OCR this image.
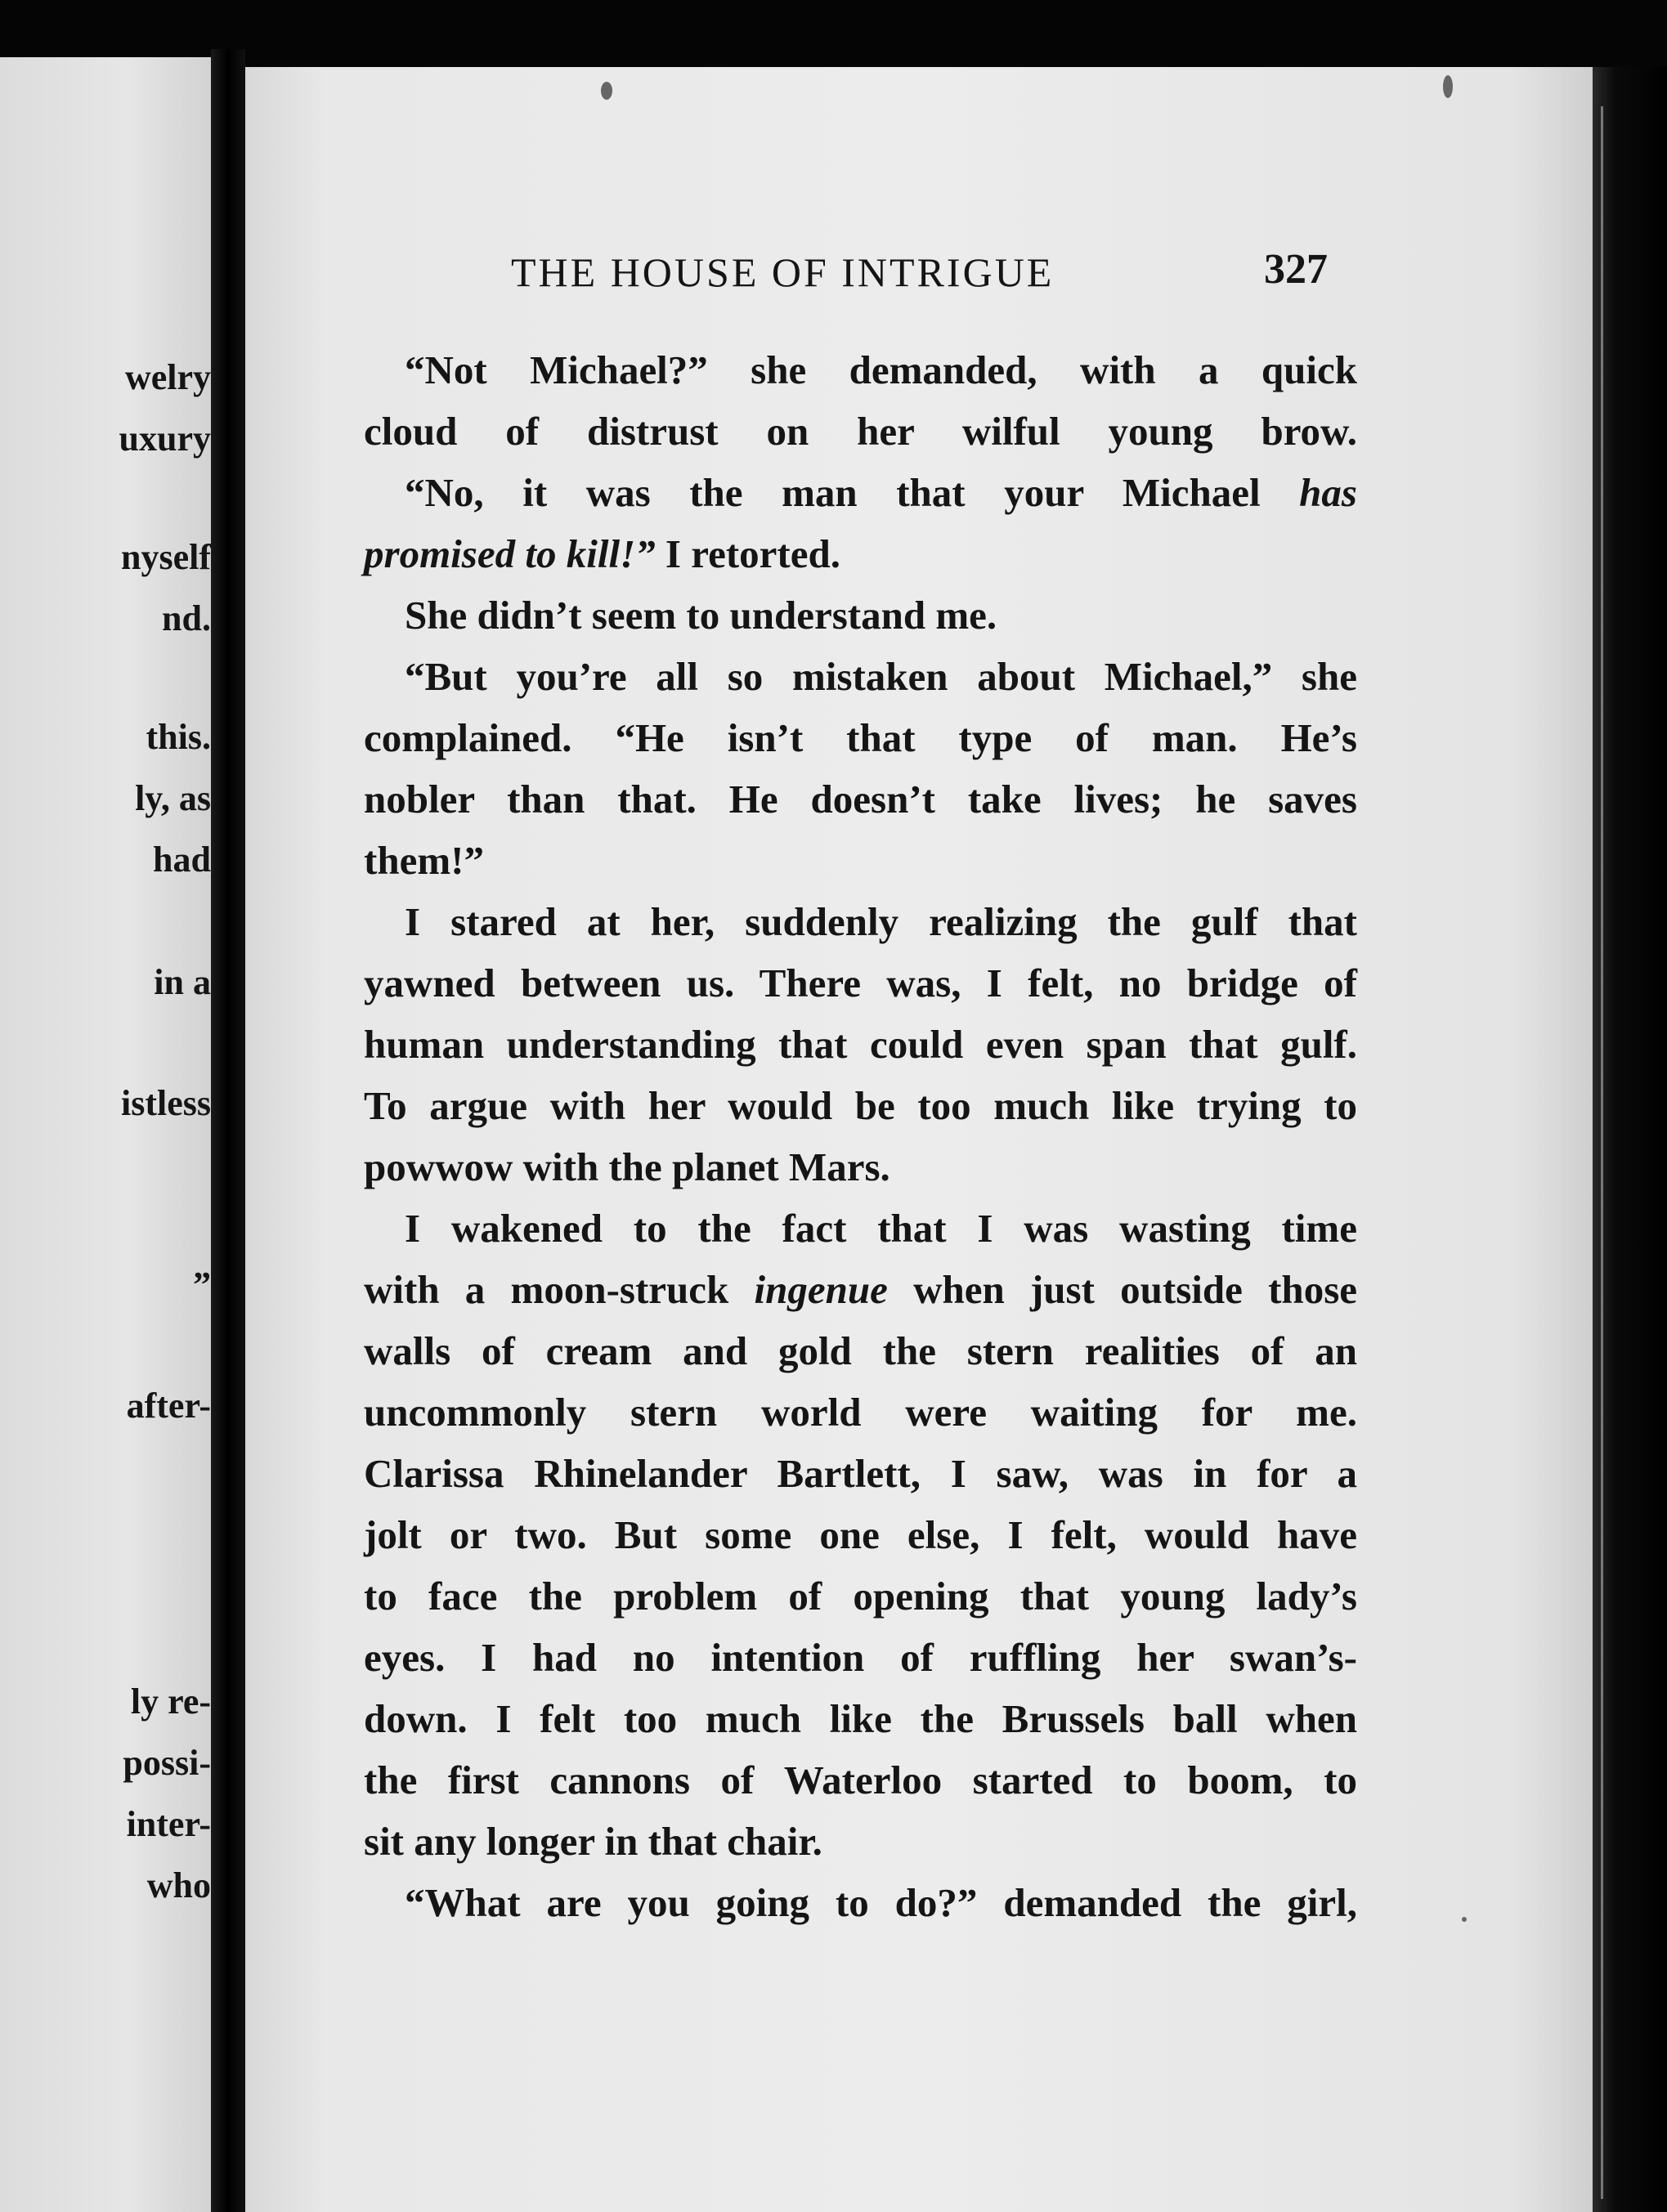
welry
uxury
nyself
nd.
this.
ly, as
had
in a
istless
”
after-
ly re-
possi-
inter-
who
THE HOUSE OF INTRIGUE	327
“Not Michael?” she demanded, with a quick
cloud of distrust on her wilful young brow.
“No, it was the man that your Michael has
promised to kill!” I retorted.
She didn’t seem to understand me.
“But you’re all so mistaken about Michael,” she
complained. “He isn’t that type of man. He’s
nobler than that. He doesn’t take lives; he saves
them!”
I stared at her, suddenly realizing the gulf that
yawned between us. There was, I felt, no bridge of
human understanding that could even span that gulf.
To argue with her would be too much like trying to
powwow with the planet Mars.
I wakened to the fact that I was wasting time
with a moon-struck ingenue when just outside those
walls of cream and gold the stern realities of an
uncommonly stern world were waiting for me.
Clarissa Rhinelander Bartlett, I saw, was in for a
jolt or two. But some one else, I felt, would have
to face the problem of opening that young lady’s
eyes. I had no intention of ruffling her swan’s-
down. I felt too much like the Brussels ball when
the first cannons of Waterloo started to boom, to
sit any longer in that chair.
“What are you going to do?” demanded the girl,
